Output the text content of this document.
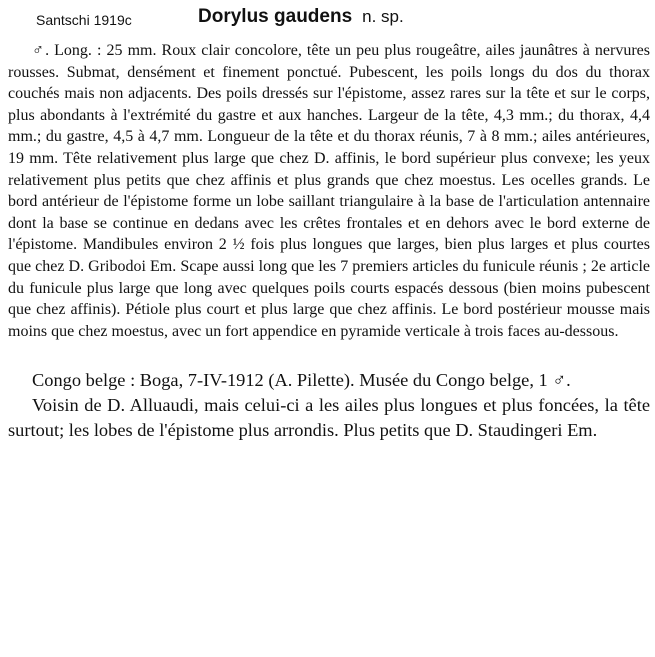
Santschi 1919c	Dorylus gaudens n. sp.

♂. Long. : 25 mm. Roux clair concolore, tête un peu plus rougeâtre, ailes jaunâtres à nervures rousses. Submat, densément et finement ponctué. Pubescent, les poils longs du dos du thorax couchés mais non adjacents. Des poils dressés sur l'épistome, assez rares sur la tête et sur le corps, plus abondants à l'extrémité du gastre et aux hanches. Largeur de la tête, 4,3 mm.; du thorax, 4,4 mm.; du gastre, 4,5 à 4,7 mm. Longueur de la tête et du thorax réunis, 7 à 8 mm.; ailes antérieures, 19 mm. Tête relativement plus large que chez D. affinis, le bord supérieur plus convexe; les yeux relativement plus petits que chez affinis et plus grands que chez moestus. Les ocelles grands. Le bord antérieur de l'épistome forme un lobe saillant triangulaire à la base de l'articulation antennaire dont la base se continue en dedans avec les crêtes frontales et en dehors avec le bord externe de l'épistome. Mandibules environ 2 ½ fois plus longues que larges, bien plus larges et plus courtes que chez D. Gribodoi Em. Scape aussi long que les 7 premiers articles du funicule réunis ; 2e article du funicule plus large que long avec quelques poils courts espacés dessous (bien moins pubescent que chez affinis). Pétiole plus court et plus large que chez affinis. Le bord postérieur mousse mais moins que chez moestus, avec un fort appendice en pyramide verticale à trois faces au-dessous.

Congo belge : Boga, 7-IV-1912 (A. Pilette). Musée du Congo belge, 1 ♂.

Voisin de D. Alluaudi, mais celui-ci a les ailes plus longues et plus foncées, la tête surtout; les lobes de l'épistome plus arrondis. Plus petits que D. Staudingeri Em.
